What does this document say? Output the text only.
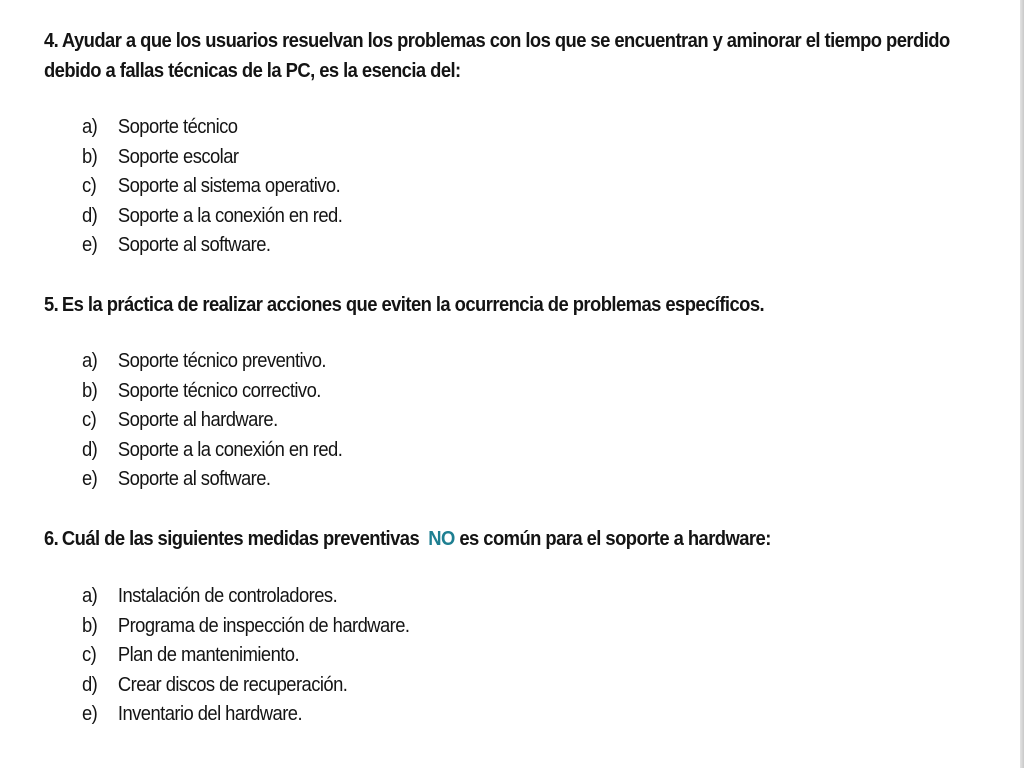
4. Ayudar a que los usuarios resuelvan los problemas con los que se encuentran y aminorar el tiempo perdido debido a fallas técnicas de la PC, es la esencia del:

a) Soporte técnico
b) Soporte escolar
c) Soporte al sistema operativo.
d) Soporte a la conexión en red.
e) Soporte al software.

5. Es la práctica de realizar acciones que eviten la ocurrencia de problemas específicos.

a) Soporte técnico preventivo.
b) Soporte técnico correctivo.
c) Soporte al hardware.
d) Soporte a la conexión en red.
e) Soporte al software.

6. Cuál de las siguientes medidas preventivas NO es común para el soporte a hardware:

a) Instalación de controladores.
b) Programa de inspección de hardware.
c) Plan de mantenimiento.
d) Crear discos de recuperación.
e) Inventario del hardware.
